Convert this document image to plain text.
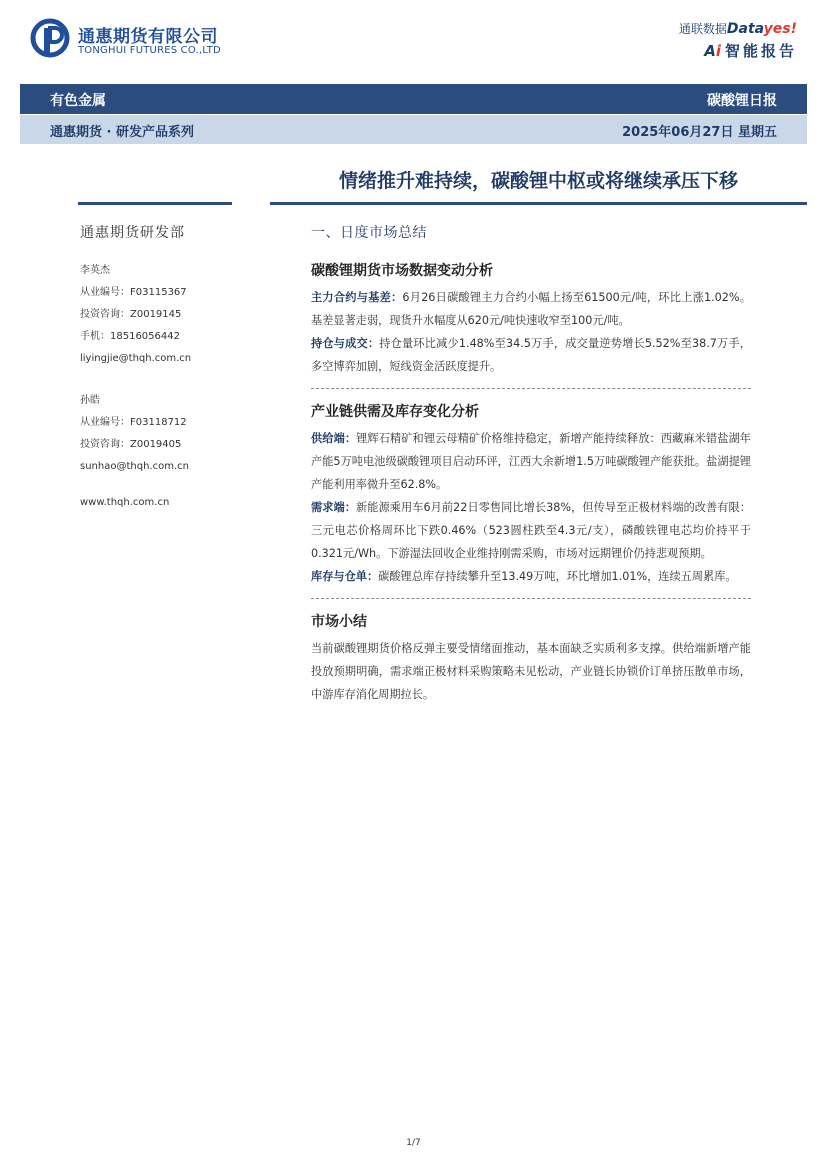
通惠期货有限公司
TONGHUI FUTURES CO.,LTD
通联数据Datayes!
Ai 智能报告
有色金属	碳酸锂日报
通惠期货 · 研发产品系列	2025年06月27日 星期五
情绪推升难持续，碳酸锂中枢或将继续承压下移
通惠期货研发部
李英杰
从业编号：F03115367
投资咨询：Z0019145
手机：18516056442
liyingjie@thqh.com.cn
孙皓
从业编号：F03118712
投资咨询：Z0019405
sunhao@thqh.com.cn
www.thqh.com.cn
一、日度市场总结
碳酸锂期货市场数据变动分析
主力合约与基差：6月26日碳酸锂主力合约小幅上扬至61500元/吨，环比上涨1.02%。基差显著走弱，现货升水幅度从620元/吨快速收窄至100元/吨。
持仓与成交：持仓量环比减少1.48%至34.5万手，成交量逆势增长5.52%至38.7万手，多空博弈加剧，短线资金活跃度提升。
产业链供需及库存变化分析
供给端：锂辉石精矿和锂云母精矿价格维持稳定，新增产能持续释放：西藏麻米错盐湖年产能5万吨电池级碳酸锂项目启动环评，江西大余新增1.5万吨碳酸锂产能获批。盐湖提锂产能利用率微升至62.8%。
需求端：新能源乘用车6月前22日零售同比增长38%，但传导至正极材料端的改善有限：三元电芯价格周环比下跌0.46%（523圆柱跌至4.3元/支），磷酸铁锂电芯均价持平于0.321元/Wh。下游湿法回收企业维持刚需采购，市场对远期锂价仍持悲观预期。
库存与仓单：碳酸锂总库存持续攀升至13.49万吨，环比增加1.01%，连续五周累库。
市场小结
当前碳酸锂期货价格反弹主要受情绪面推动，基本面缺乏实质利多支撑。供给端新增产能投放预期明确，需求端正极材料采购策略未见松动，产业链长协锁价订单挤压散单市场，中游库存消化周期拉长。
1/7
